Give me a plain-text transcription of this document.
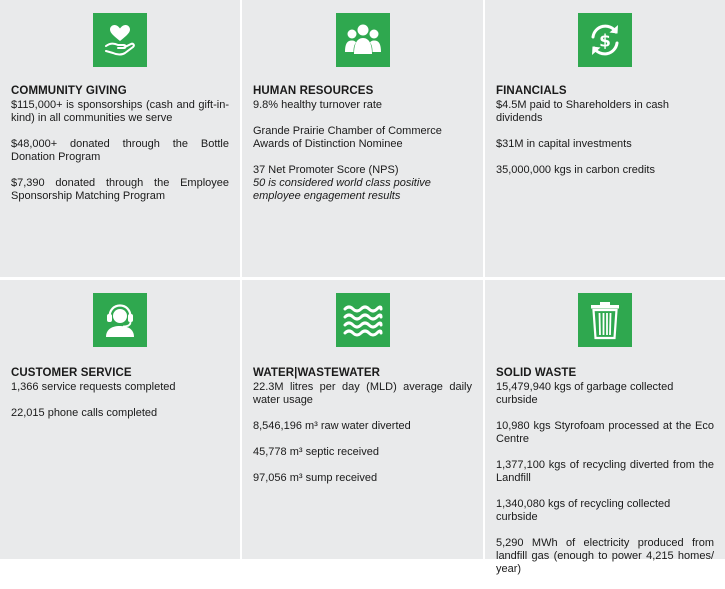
COMMUNITY GIVING
$115,000+ is sponsorships (cash and gift-in-kind) in all communities we serve
$48,000+ donated through the Bottle Donation Program
$7,390 donated through the Employee Sponsorship Matching Program
HUMAN RESOURCES
9.8% healthy turnover rate
Grande Prairie Chamber of Commerce Awards of Distinction Nominee
37 Net Promoter Score (NPS)
50 is considered world class positive employee engagement results
$
FINANCIALS
$4.5M paid to Shareholders in cash dividends
$31M in capital investments
35,000,000 kgs in carbon credits
CUSTOMER SERVICE
1,366 service requests completed
22,015 phone calls completed
WATER|WASTEWATER
22.3M litres per day (MLD) average daily water usage
8,546,196 m³ raw water diverted
45,778 m³ septic received
97,056 m³ sump received
SOLID WASTE
15,479,940 kgs of garbage collected curbside
10,980 kgs Styrofoam processed at the Eco Centre
1,377,100 kgs of recycling diverted from the Landfill
1,340,080 kgs of recycling collected curbside
5,290 MWh of electricity produced from landfill gas (enough to power 4,215 homes/ year)
